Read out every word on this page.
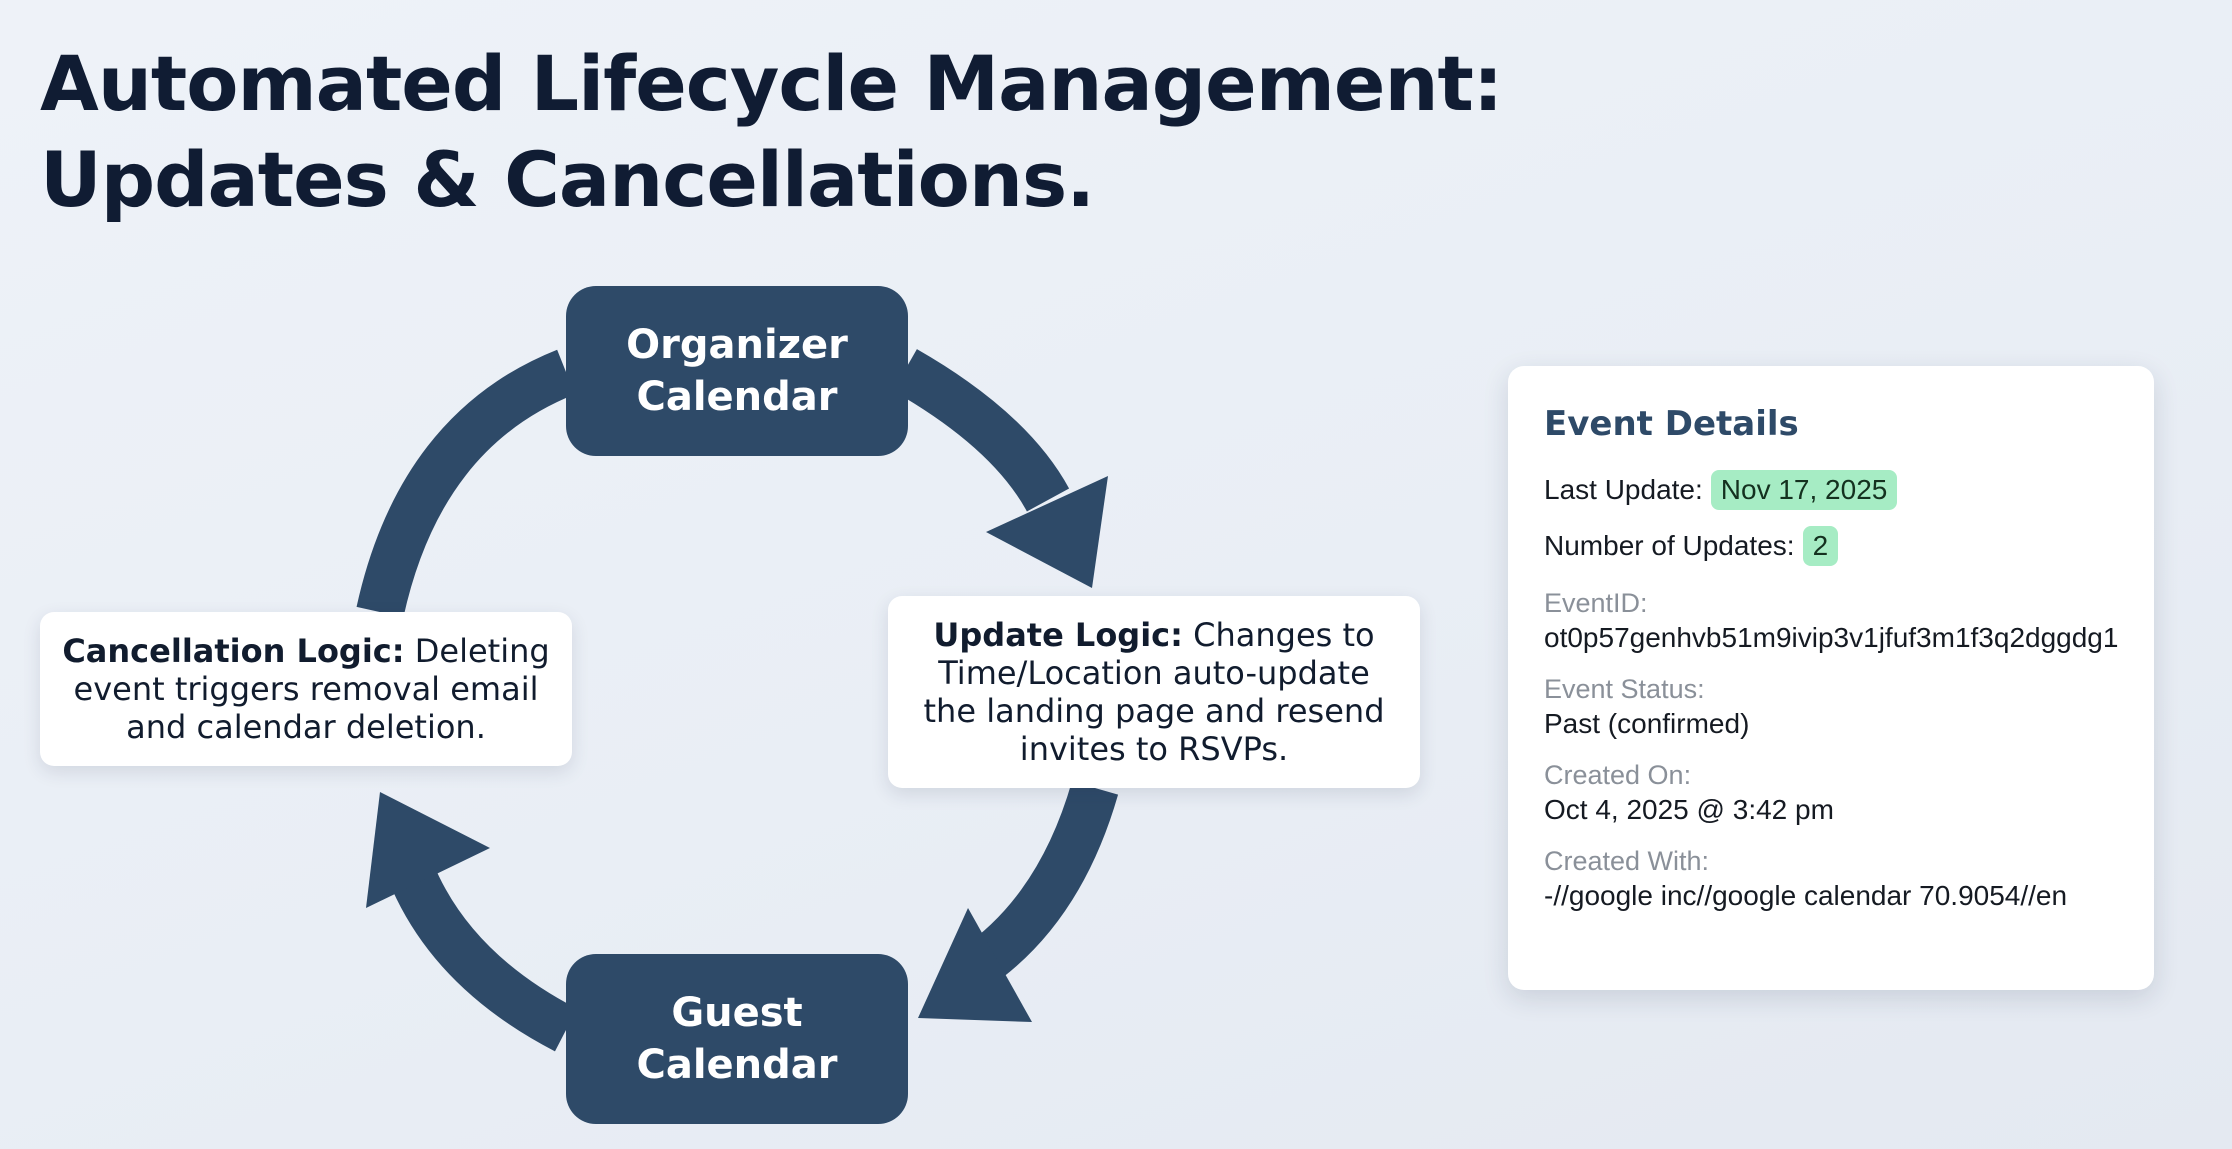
Automated Lifecycle Management:
Updates & Cancellations.
Organizer
Calendar
Guest
Calendar
Cancellation Logic: Deleting event triggers removal email and calendar deletion.
Update Logic: Changes to Time/Location auto-update the landing page and resend invites to RSVPs.
Event Details
Last Update: Nov 17, 2025
Number of Updates: 2
EventID:
ot0p57genhvb51m9ivip3v1jfuf3m1f3q2dggdg1
Event Status:
Past (confirmed)
Created On:
Oct 4, 2025 @ 3:42 pm
Created With:
-//google inc//google calendar 70.9054//en
